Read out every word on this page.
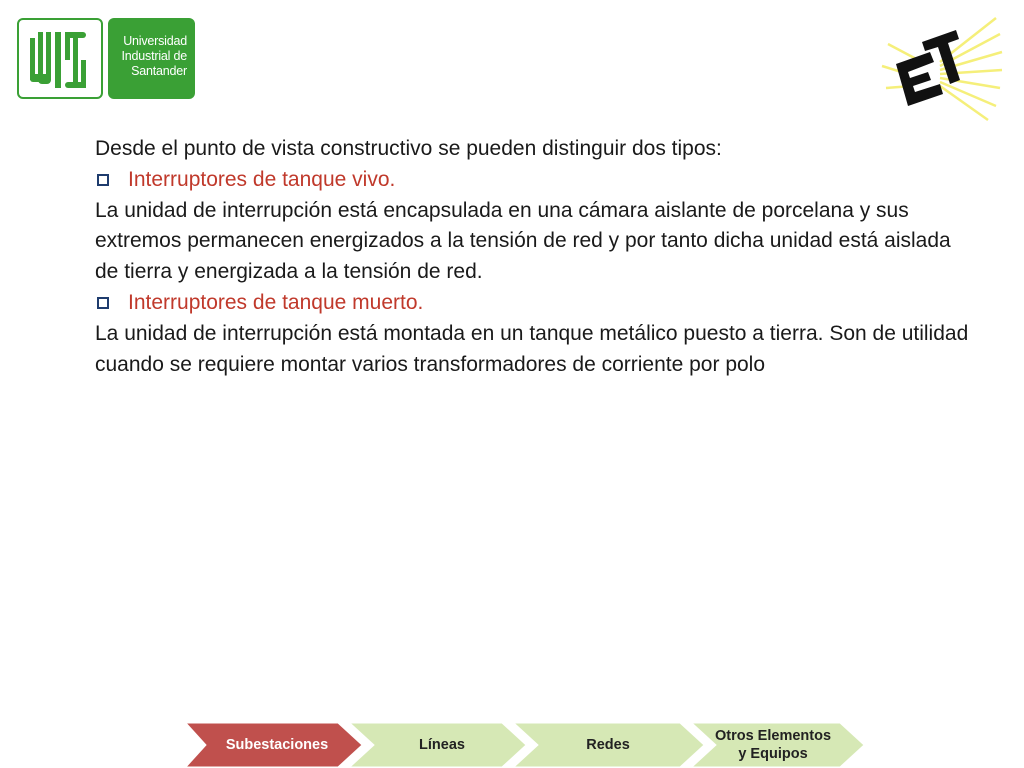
Universidad
Industrial de
Santander

Desde el punto de vista constructivo se pueden distinguir dos tipos:

Interruptores de tanque vivo.

La unidad de interrupción está encapsulada en una cámara aislante de porcelana y sus extremos permanecen energizados a la tensión de red y por tanto dicha unidad está aislada de tierra y energizada a la tensión de red.

Interruptores de tanque muerto.

La unidad de interrupción está montada en un tanque metálico puesto a tierra. Son de utilidad cuando se requiere montar varios transformadores de corriente por polo

Subestaciones	Líneas	Redes
Otros Elementos
y Equipos
